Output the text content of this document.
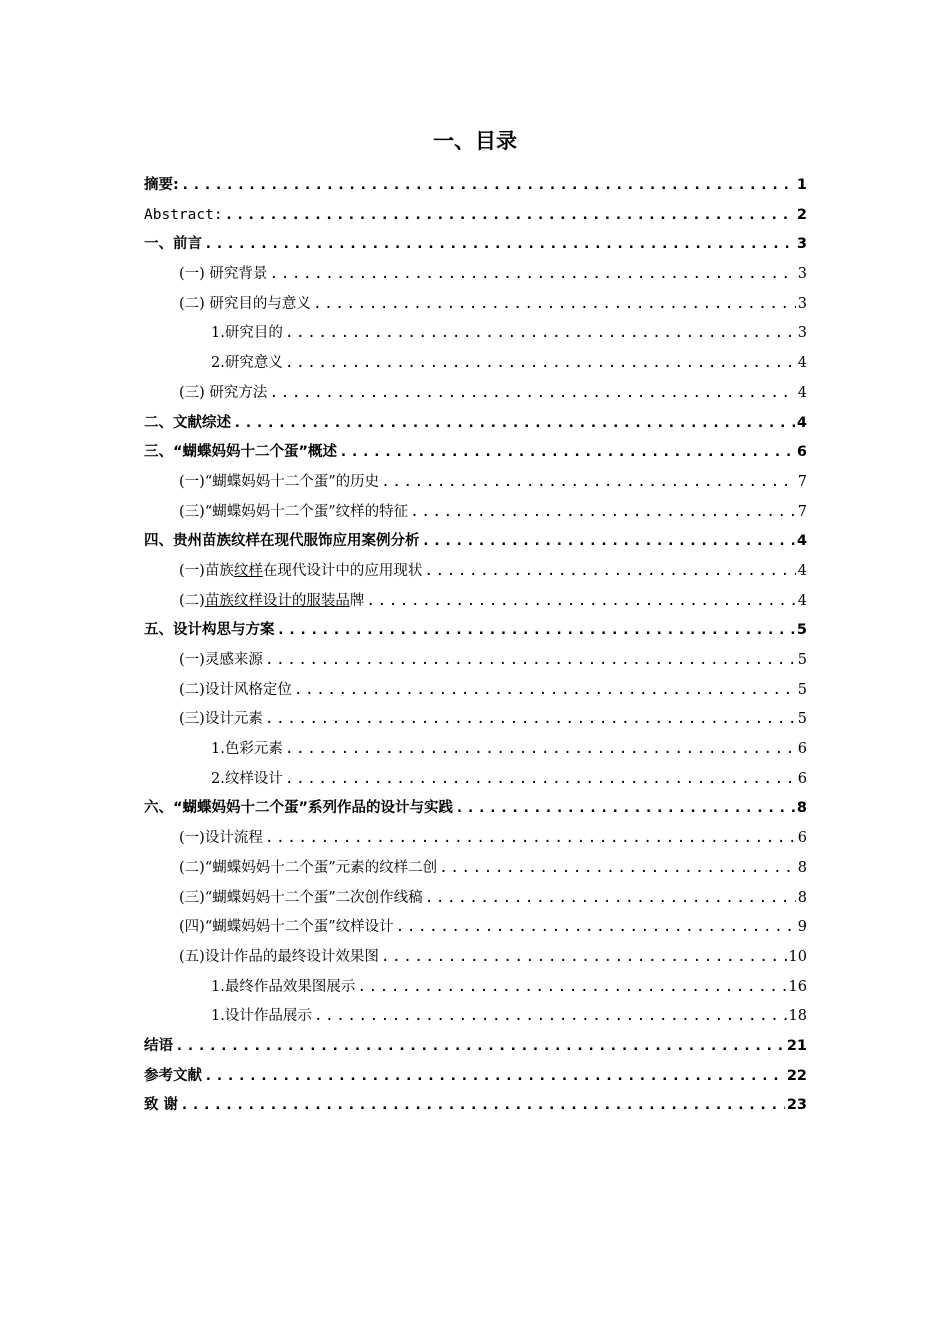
一、目录
摘要: .....	1
Abstract: .....	2
一、前言 .....	3
(一) 研究背景 .....	3
(二) 研究目的与意义 .....	3
1.研究目的 .....	3
2.研究意义 .....	4
(三) 研究方法 .....	4
二、文献综述 .....	4
三、“蝴蝶妈妈十二个蛋”概述 .....	6
(一)“蝴蝶妈妈十二个蛋”的历史 .....	7
(三)“蝴蝶妈妈十二个蛋”纹样的特征 .....	7
四、贵州苗族纹样在现代服饰应用案例分析 .....	4
(一)苗族纹样在现代设计中的应用现状 .....	4
(二)苗族纹样设计的服装品牌 .....	4
五、设计构思与方案 .....	5
(一)灵感来源 .....	5
(二)设计风格定位 .....	5
(三)设计元素 .....	5
1.色彩元素 .....	6
2.纹样设计 .....	6
六、“蝴蝶妈妈十二个蛋”系列作品的设计与实践 .....	8
(一)设计流程 .....	6
(二)“蝴蝶妈妈十二个蛋”元素的纹样二创 .....	8
(三)“蝴蝶妈妈十二个蛋”二次创作线稿 .....	8
(四)“蝴蝶妈妈十二个蛋”纹样设计 .....	9
(五)设计作品的最终设计效果图 .....	10
1.最终作品效果图展示 .....	16
1.设计作品展示 .....	18
结语 .....	21
参考文献 .....	22
致 谢 .....	23
